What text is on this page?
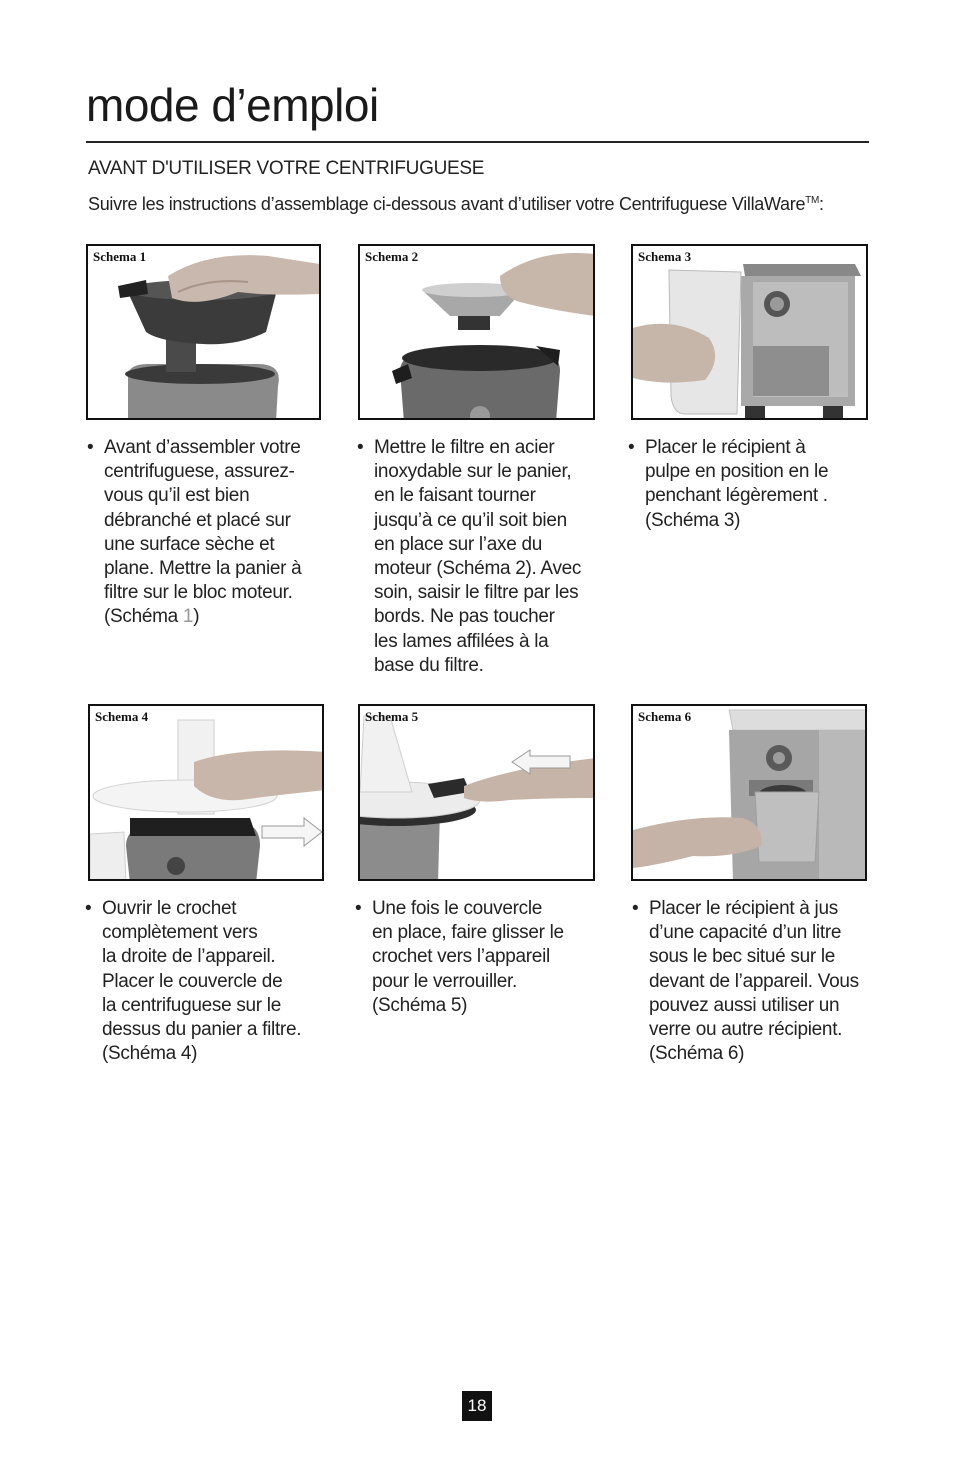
mode d’emploi
AVANT D'UTILISER VOTRE CENTRIFUGUESE
Suivre les instructions d’assemblage ci-dessous avant d’utiliser votre Centrifuguese VillaWare™:
Schema 1	Schema 2	Schema 3
Schema 4	Schema 5	Schema 6
• Avant d’assembler votre
centrifuguese, assurez-
vous qu’il est bien
débranché et placé sur
une surface sèche et
plane. Mettre la panier à
filtre sur le bloc moteur.
(Schéma 1)
• Mettre le filtre en acier
inoxydable sur le panier,
en le faisant tourner
jusqu’à ce qu’il soit bien
en place sur l’axe du
moteur (Schéma 2). Avec
soin, saisir le filtre par les
bords. Ne pas toucher
les lames affilées à la
base du filtre.
• Placer le récipient à
pulpe en position en le
penchant légèrement .
(Schéma 3)
• Ouvrir le crochet
complètement vers
la droite de l’appareil.
Placer le couvercle de
la centrifuguese sur le
dessus du panier a filtre.
(Schéma 4)
• Une fois le couvercle
en place, faire glisser le
crochet vers l’appareil
pour le verrouiller.
(Schéma 5)
• Placer le récipient à jus
d’une capacité d’un litre
sous le bec situé sur le
devant de l’appareil. Vous
pouvez aussi utiliser un
verre ou autre récipient.
(Schéma 6)
18
